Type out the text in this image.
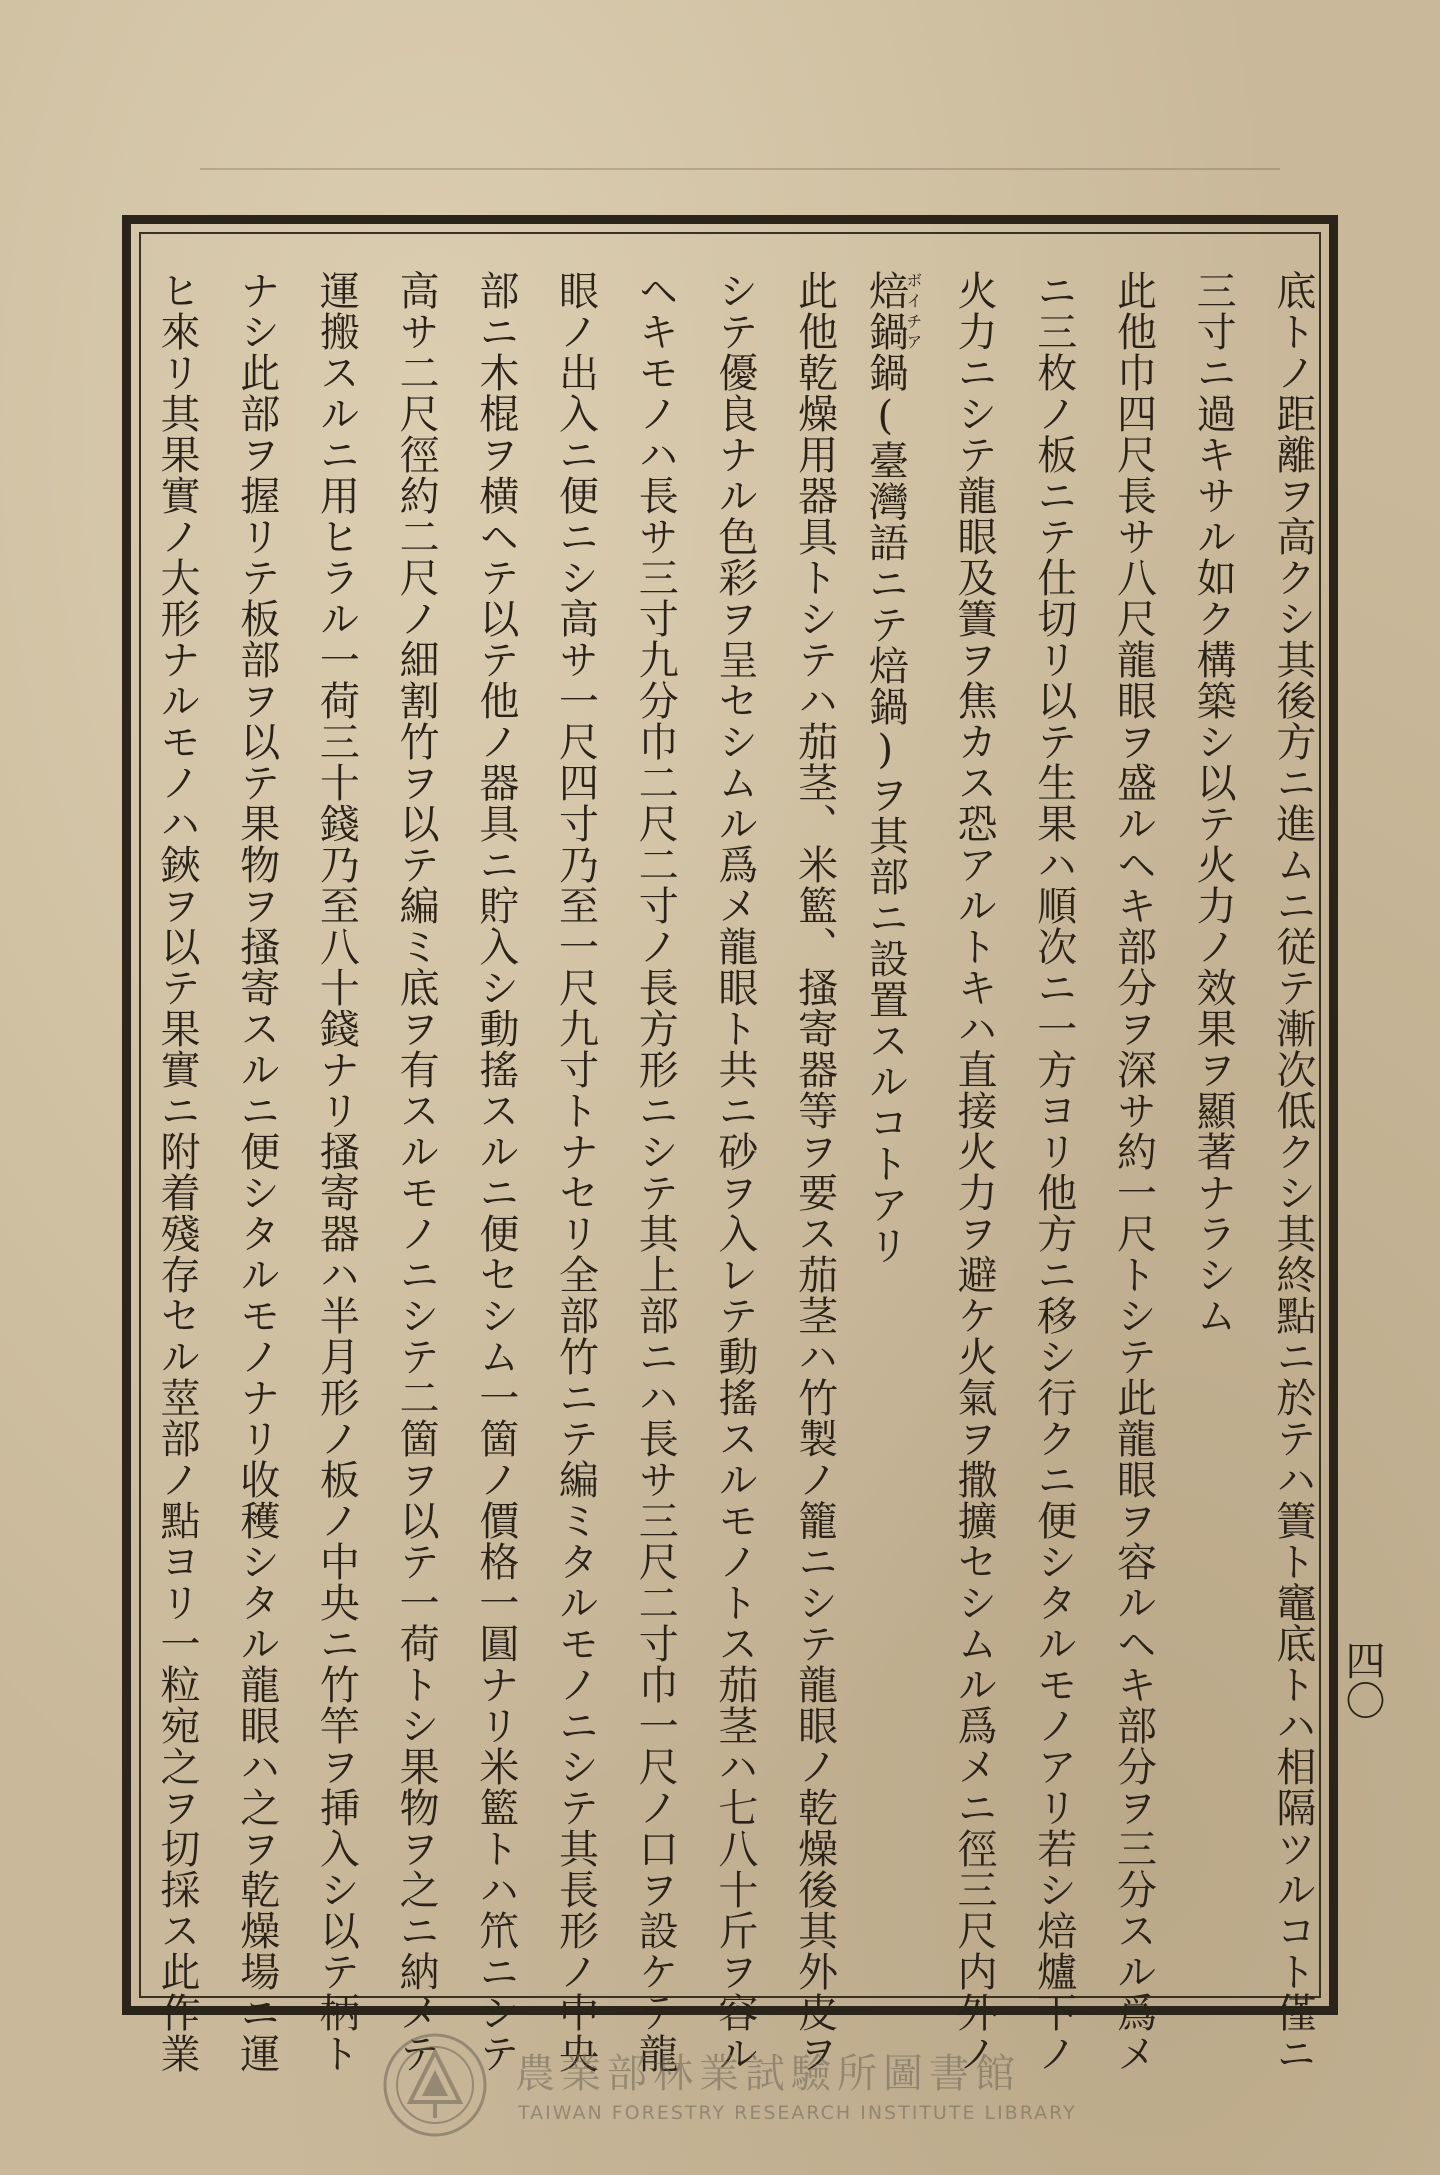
底トノ距離ヲ高クシ其後方ニ進ムニ従テ漸次低クシ其終點ニ於テハ簀ト竈底トハ相隔ツルコト僅ニ
三寸ニ過キサル如ク構築シ以テ火力ノ效果ヲ顯著ナラシム
此他巾四尺長サ八尺龍眼ヲ盛ルヘキ部分ヲ深サ約一尺トシテ此龍眼ヲ容ルヘキ部分ヲ三分スル爲メ
ニ三枚ノ板ニテ仕切リ以テ生果ハ順次ニ一方ヨリ他方ニ移シ行クニ便シタルモノアリ若シ焙爐下ノ
火力ニシテ龍眼及簀ヲ焦カス恐アルトキハ直接火力ヲ避ケ火氣ヲ撒擴セシムル爲メニ徑三尺内外ノ
焙鍋ボイチア鍋(臺灣語ニテ焙鍋)ヲ其部ニ設置スルコトアリ
此他乾燥用器具トシテハ茄茎、米籃、搔寄器等ヲ要ス茄茎ハ竹製ノ籠ニシテ龍眼ノ乾燥後其外皮ヲ
シテ優良ナル色彩ヲ呈セシムル爲メ龍眼ト共ニ砂ヲ入レテ動搖スルモノトス茄茎ハ七八十斤ヲ容ル
ヘキモノハ長サ三寸九分巾二尺二寸ノ長方形ニシテ其上部ニハ長サ三尺二寸巾一尺ノ口ヲ設ケテ龍
眼ノ出入ニ便ニシ高サ一尺四寸乃至一尺九寸トナセリ全部竹ニテ編ミタルモノニシテ其長形ノ中央
部ニ木棍ヲ横ヘテ以テ他ノ器具ニ貯入シ動搖スルニ便セシム一箇ノ價格一圓ナリ米籃トハ笊ニシテ
高サ二尺徑約二尺ノ細割竹ヲ以テ編ミ底ヲ有スルモノニシテ二箇ヲ以テ一荷トシ果物ヲ之ニ納メテ
運搬スルニ用ヒラル一荷三十錢乃至八十錢ナリ搔寄器ハ半月形ノ板ノ中央ニ竹竿ヲ挿入シ以テ柄ト
ナシ此部ヲ握リテ板部ヲ以テ果物ヲ搔寄スルニ便シタルモノナリ收穫シタル龍眼ハ之ヲ乾燥場ニ運
ヒ來リ其果實ノ大形ナルモノハ鋏ヲ以テ果實ニ附着殘存セル莖部ノ點ヨリ一粒宛之ヲ切採ス此作業	四〇
農業部林業試驗所圖書館
TAIWAN FORESTRY RESEARCH INSTITUTE LIBRARY
